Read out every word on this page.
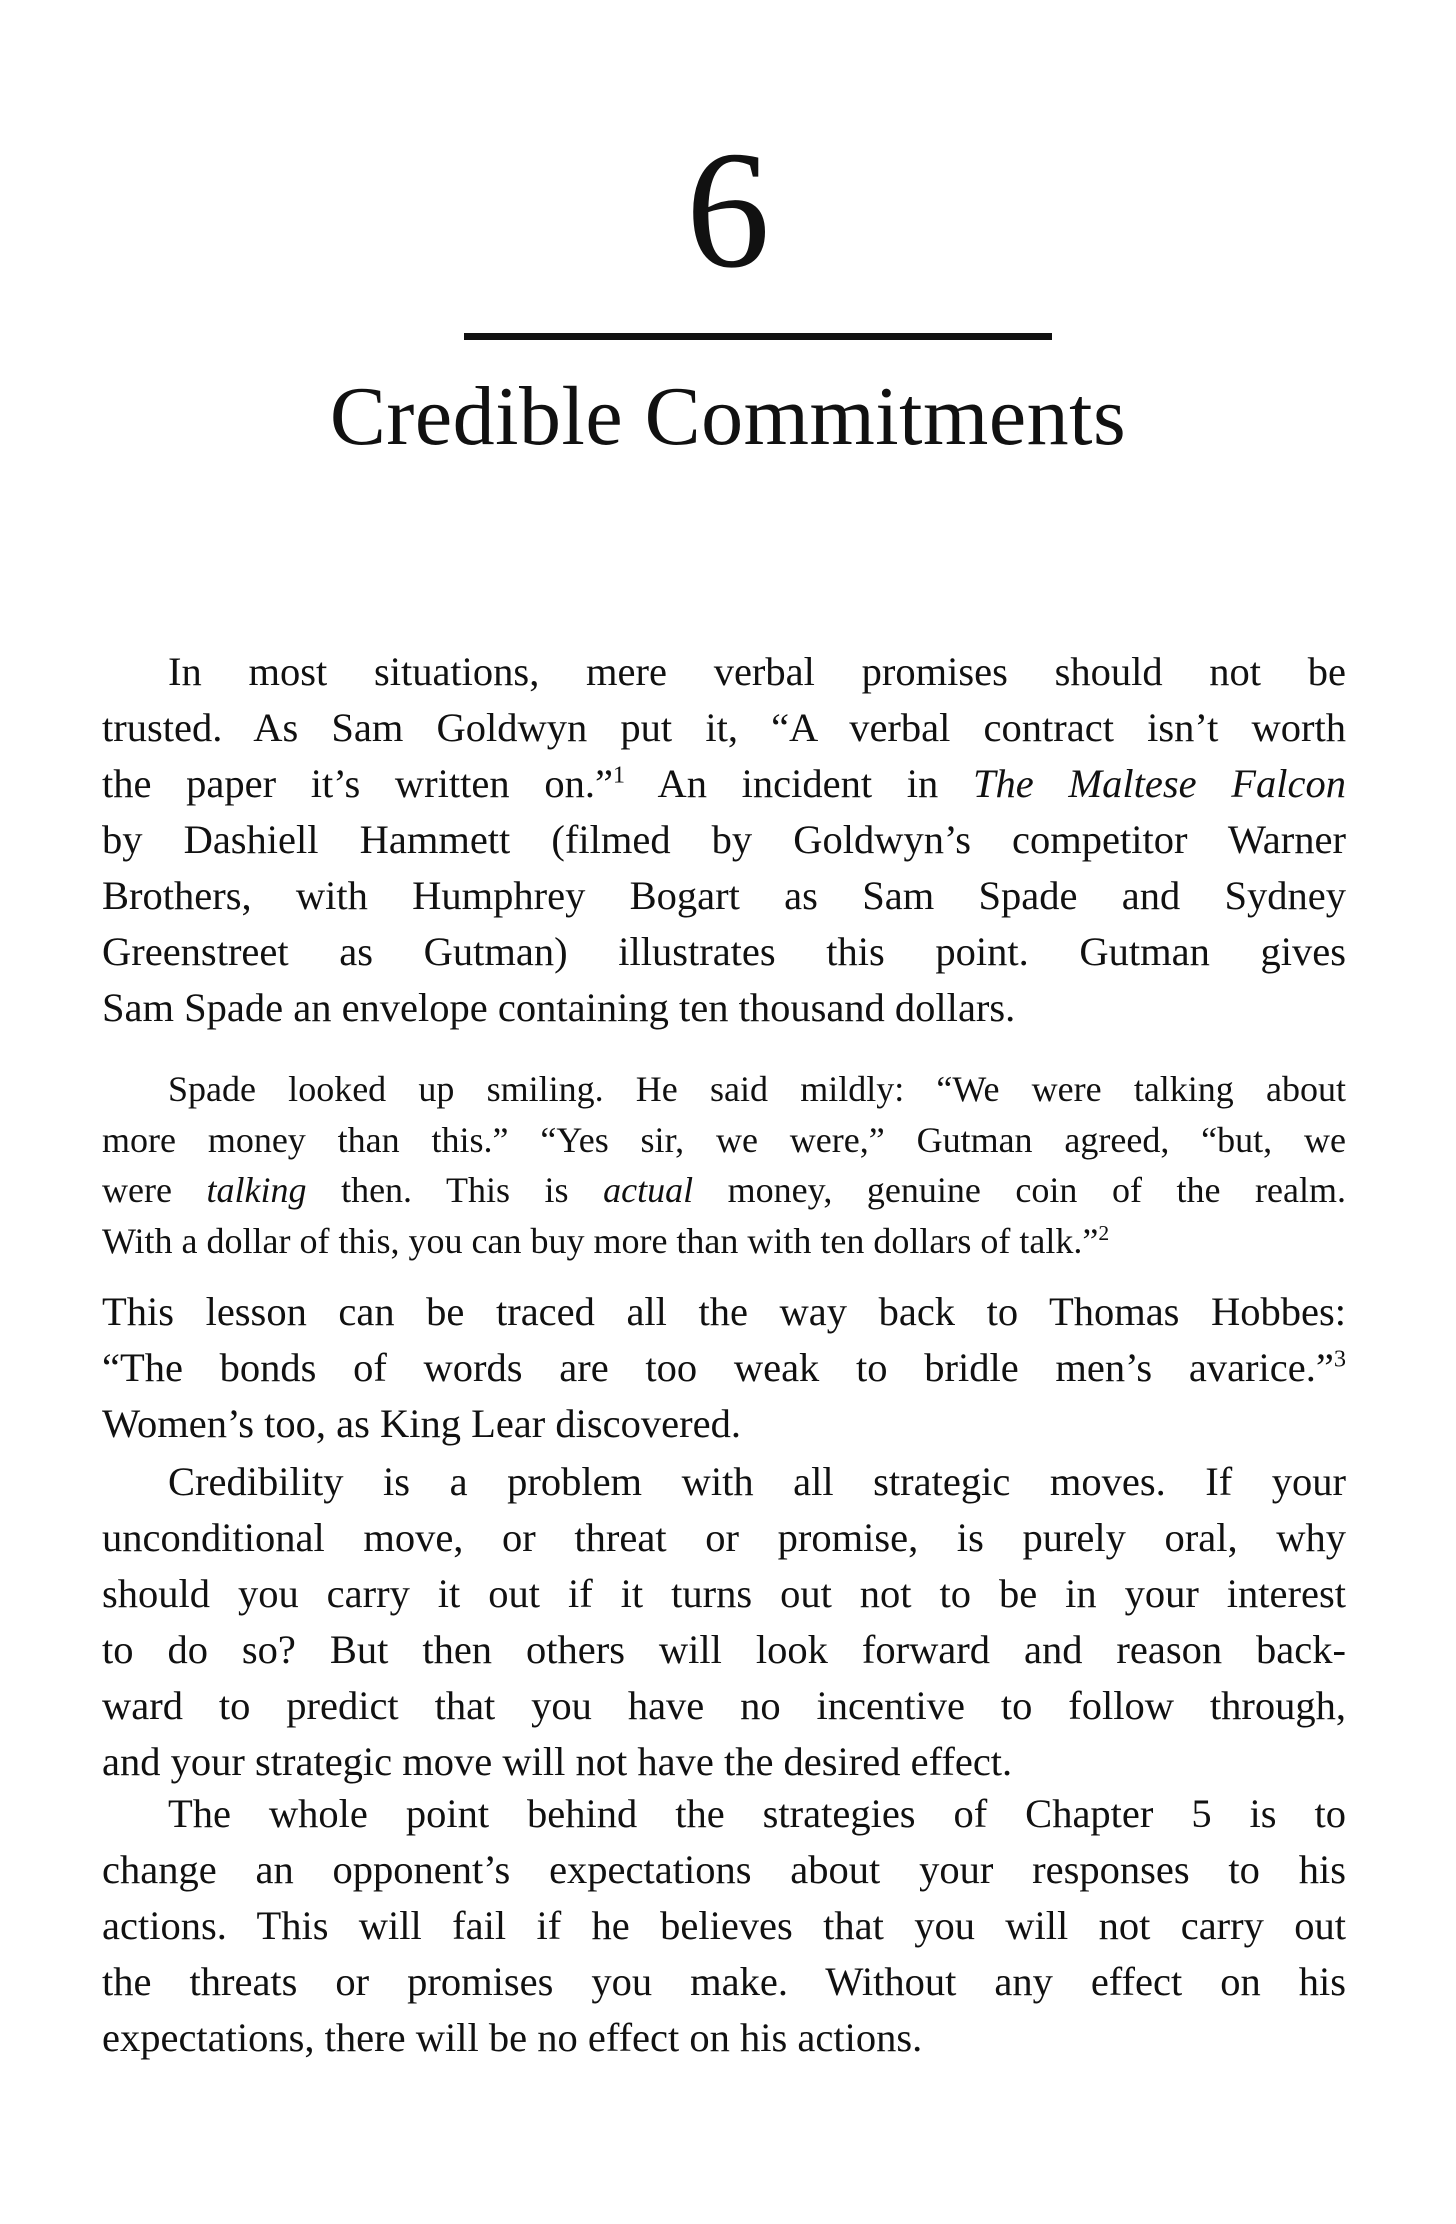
6
Credible Commitments
In most situations, mere verbal promises should not be
trusted. As Sam Goldwyn put it, “A verbal contract isn’t worth
the paper it’s written on.”$^1$ An incident in The Maltese Falcon
by Dashiell Hammett (filmed by Goldwyn’s competitor Warner
Brothers, with Humphrey Bogart as Sam Spade and Sydney
Greenstreet as Gutman) illustrates this point. Gutman gives
Sam Spade an envelope containing ten thousand dollars.
Spade looked up smiling. He said mildly: “We were talking about
more money than this.” “Yes sir, we were,” Gutman agreed, “but, we
were talking then. This is actual money, genuine coin of the realm.
With a dollar of this, you can buy more than with ten dollars of talk.”$^2$
This lesson can be traced all the way back to Thomas Hobbes:
“The bonds of words are too weak to bridle men’s avarice.”$^3$
Women’s too, as King Lear discovered.
Credibility is a problem with all strategic moves. If your
unconditional move, or threat or promise, is purely oral, why
should you carry it out if it turns out not to be in your interest
to do so? But then others will look forward and reason back-
ward to predict that you have no incentive to follow through,
and your strategic move will not have the desired effect.
The whole point behind the strategies of Chapter 5 is to
change an opponent’s expectations about your responses to his
actions. This will fail if he believes that you will not carry out
the threats or promises you make. Without any effect on his
expectations, there will be no effect on his actions.
